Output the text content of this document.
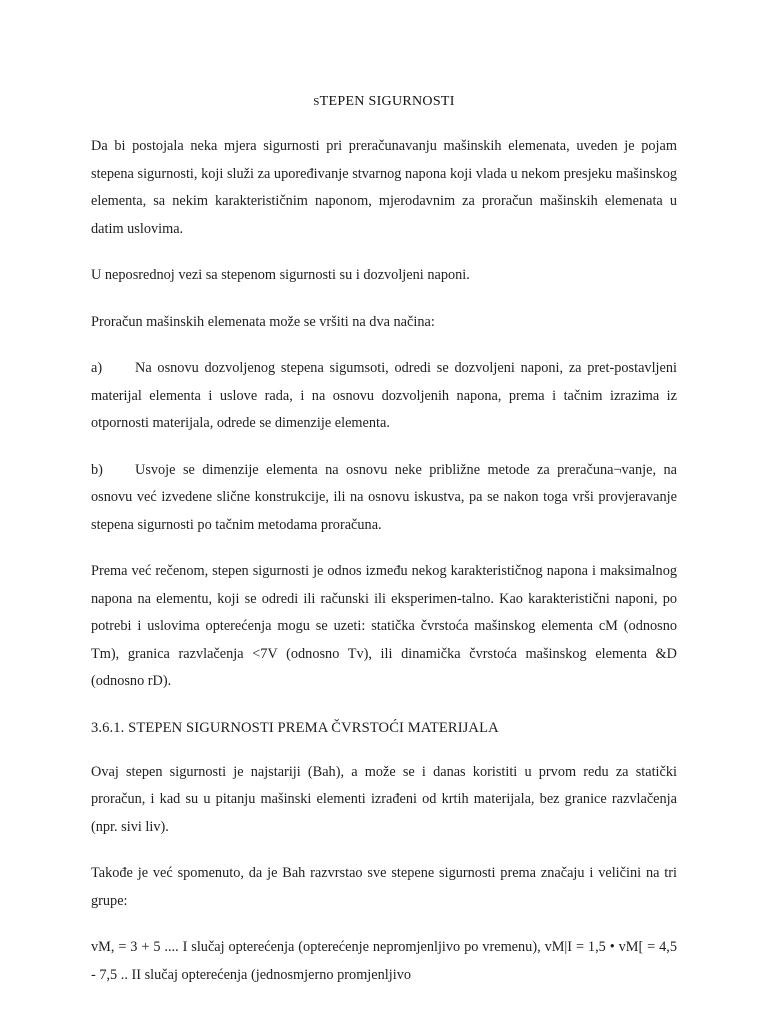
STEPEN SIGURNOSTI

Da bi postojala neka mjera sigurnosti pri preračunavanju mašinskih elemenata, uveden je pojam stepena sigurnosti, koji služi za upoređivanje stvarnog napona koji vlada u nekom presjeku mašinskog elementa, sa nekim karakterističnim naponom, mjerodavnim za proračun mašinskih elemenata u datim uslovima.

U neposrednoj vezi sa stepenom sigurnosti su i dozvoljeni naponi.

Proračun mašinskih elemenata može se vršiti na dva načina:

a) Na osnovu dozvoljenog stepena sigumsoti, odredi se dozvoljeni naponi, za pret-postavljeni materijal elementa i uslove rada, i na osnovu dozvoljenih napona, prema i tačnim izrazima iz otpornosti materijala, odrede se dimenzije elementa.

b) Usvoje se dimenzije elementa na osnovu neke približne metode za preračuna¬vanje, na osnovu već izvedene slične konstrukcije, ili na osnovu iskustva, pa se nakon toga vrši provjeravanje stepena sigurnosti po tačnim metodama proračuna.

Prema već rečenom, stepen sigurnosti je odnos između nekog karakterističnog napona i maksimalnog napona na elementu, koji se odredi ili računski ili eksperimen-talno. Kao karakteristični naponi, po potrebi i uslovima opterećenja mogu se uzeti: statička čvrstoća mašinskog elementa cM (odnosno Tm), granica razvlačenja <7V (odnosno Tv), ili dinamička čvrstoća mašinskog elementa &D (odnosno rD).

3.6.1. STEPEN SIGURNOSTI PREMA ČVRSTOĆI MATERIJALA

Ovaj stepen sigurnosti je najstariji (Bah), a može se i danas koristiti u prvom redu za statički proračun, i kad su u pitanju mašinski elementi izrađeni od krtih materijala, bez granice razvlačenja (npr. sivi liv).

Takođe je već spomenuto, da je Bah razvrstao sve stepene sigurnosti prema značaju i veličini na tri grupe:

vM, = 3 + 5 .... I slučaj opterećenja (opterećenje nepromjenljivo po vremenu), vM|I = 1,5 • vM[ = 4,5 - 7,5 .. II slučaj opterećenja (jednosmjerno promjenljivo
